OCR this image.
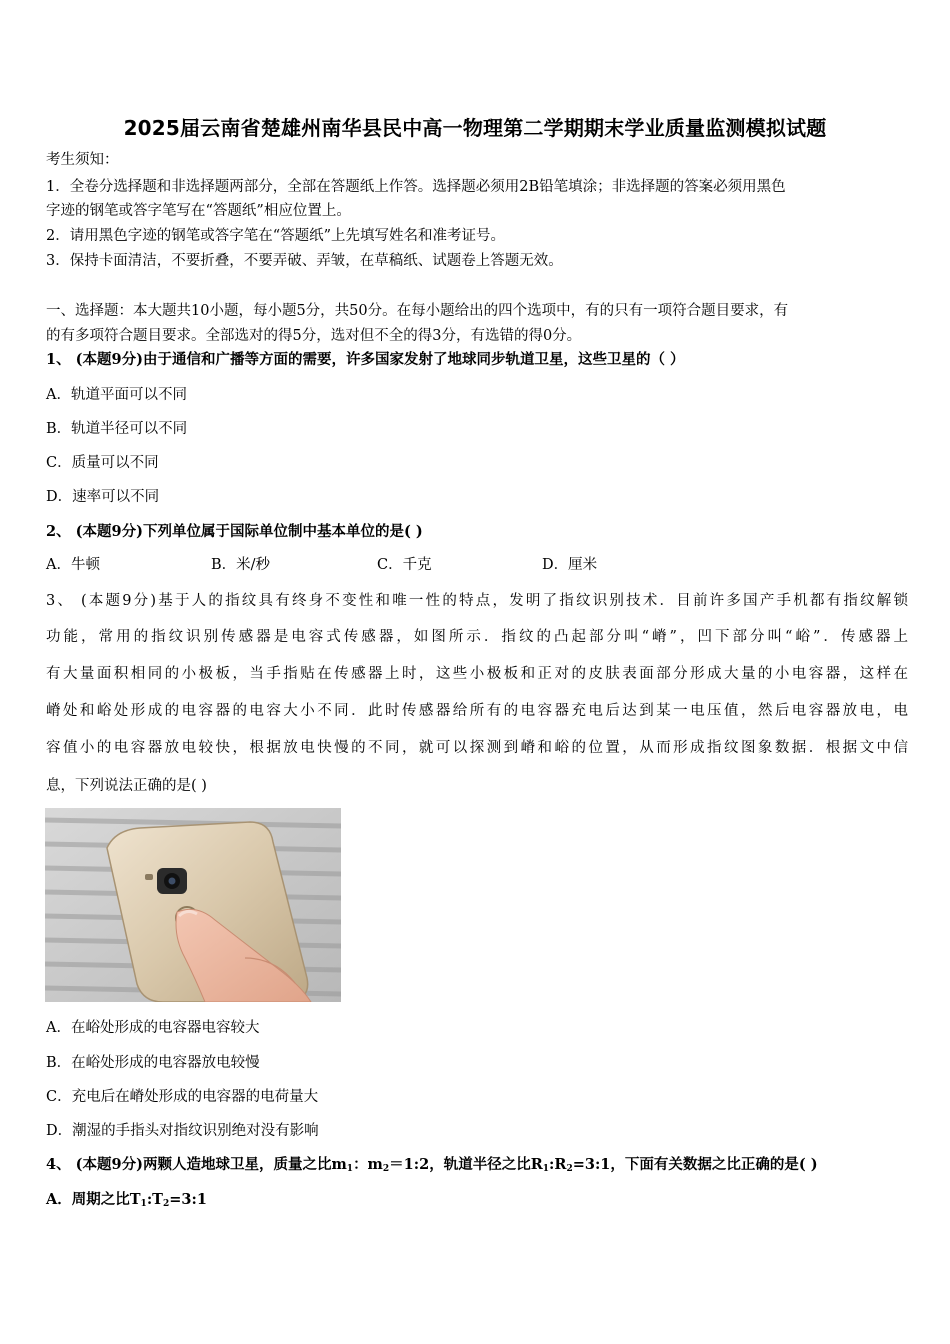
2025届云南省楚雄州南华县民中高一物理第二学期期末学业质量监测模拟试题
考生须知：
1．全卷分选择题和非选择题两部分，全部在答题纸上作答。选择题必须用2B铅笔填涂；非选择题的答案必须用黑色
字迹的钢笔或答字笔写在“答题纸”相应位置上。
2．请用黑色字迹的钢笔或答字笔在“答题纸”上先填写姓名和准考证号。
3．保持卡面清洁，不要折叠，不要弄破、弄皱，在草稿纸、试题卷上答题无效。
一、选择题：本大题共10小题，每小题5分，共50分。在每小题给出的四个选项中，有的只有一项符合题目要求，有
的有多项符合题目要求。全部选对的得5分，选对但不全的得3分，有选错的得0分。
1、 (本题9分)由于通信和广播等方面的需要，许多国家发射了地球同步轨道卫星，这些卫星的（ ）
A．轨道平面可以不同
B．轨道半径可以不同
C．质量可以不同
D．速率可以不同
2、 (本题9分)下列单位属于国际单位制中基本单位的是( )
A．牛顿	B．米/秒	C．千克	D．厘米
3、 (本题9分)基于人的指纹具有终身不变性和唯一性的特点，发明了指纹识别技术．目前许多国产手机都有指纹解锁
功能，常用的指纹识别传感器是电容式传感器，如图所示．指纹的凸起部分叫“嵴”，凹下部分叫“峪”．传感器上
有大量面积相同的小极板，当手指贴在传感器上时，这些小极板和正对的皮肤表面部分形成大量的小电容器，这样在
嵴处和峪处形成的电容器的电容大小不同．此时传感器给所有的电容器充电后达到某一电压值，然后电容器放电，电
容值小的电容器放电较快，根据放电快慢的不同，就可以探测到嵴和峪的位置，从而形成指纹图象数据．根据文中信
息，下列说法正确的是( )
A．在峪处形成的电容器电容较大
B．在峪处形成的电容器放电较慢
C．充电后在嵴处形成的电容器的电荷量大
D．潮湿的手指头对指纹识别绝对没有影响
4、 (本题9分)两颗人造地球卫星，质量之比$m_1$：$m_2=1:2$，轨道半径之比$R_1:R_2=3:1$，下面有关数据之比正确的是( )
A．周期之比$T_1:T_2=3:1$
